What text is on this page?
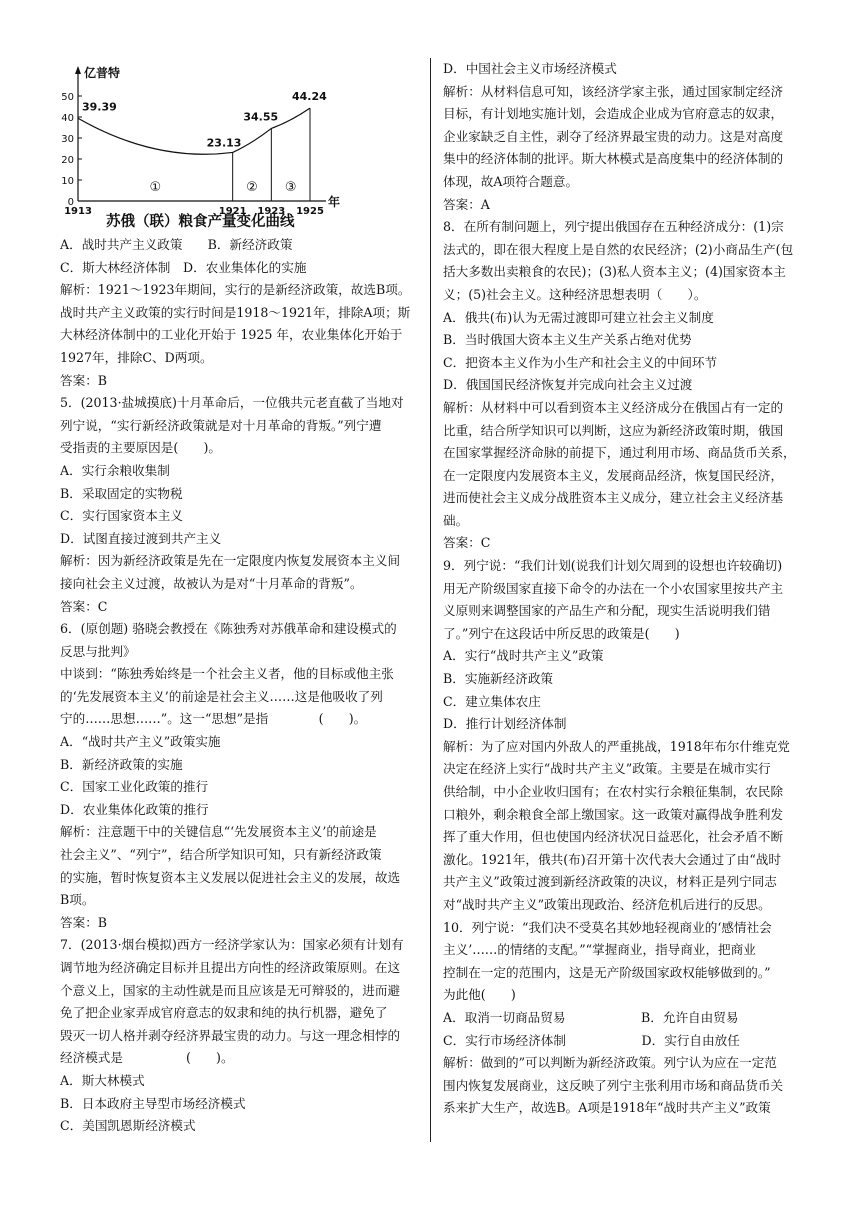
亿普特
年
0
10
20
30
40
50
39.39
23.13
34.55
44.24
1913	1921 1923 1925
①	② ③
苏俄（联）粮食产量变化曲线
A．战时共产主义政策　　B．新经济政策
C．斯大林经济体制　D．农业集体化的实施
解析：1921～1923年期间，实行的是新经济政策，故选B项。
战时共产主义政策的实行时间是1918～1921年，排除A项；斯
大林经济体制中的工业化开始于 1925 年，农业集体化开始于
1927年，排除C、D两项。
答案：B
5．(2013·盐城摸底)十月革命后，一位俄共元老直截了当地对
列宁说，“实行新经济政策就是对十月革命的背叛。”列宁遭
受指责的主要原因是(　　)。
A．实行余粮收集制
B．采取固定的实物税
C．实行国家资本主义
D．试图直接过渡到共产主义
解析：因为新经济政策是先在一定限度内恢复发展资本主义间
接向社会主义过渡，故被认为是对“十月革命的背叛”。
答案：C
6．(原创题) 骆晓会教授在《陈独秀对苏俄革命和建设模式的
反思与批判》
中谈到：“陈独秀始终是一个社会主义者，他的目标或他主张
的‘先发展资本主义’的前途是社会主义……这是他吸收了列
宁的……思想……”。这一“思想”是指　　　　(　　)。
A．“战时共产主义”政策实施
B．新经济政策的实施
C．国家工业化政策的推行
D．农业集体化政策的推行
解析：注意题干中的关键信息“‘先发展资本主义’的前途是
社会主义”、“列宁”，结合所学知识可知，只有新经济政策
的实施，暂时恢复资本主义发展以促进社会主义的发展，故选
B项。
答案：B
7．(2013·烟台模拟)西方一经济学家认为：国家必须有计划有
调节地为经济确定目标并且提出方向性的经济政策原则。在这
个意义上，国家的主动性就是而且应该是无可辩驳的，进而避
免了把企业家弄成官府意志的奴隶和纯的执行机器，避免了
毁灭一切人格并剥夺经济界最宝贵的动力。与这一理念相悖的
经济模式是　　　　　(　　)。
A．斯大林模式
B．日本政府主导型市场经济模式
C．美国凯恩斯经济模式
D．中国社会主义市场经济模式
解析：从材料信息可知，该经济学家主张，通过国家制定经济
目标，有计划地实施计划，会造成企业成为官府意志的奴隶，
企业家缺乏自主性，剥夺了经济界最宝贵的动力。这是对高度
集中的经济体制的批评。斯大林模式是高度集中的经济体制的
体现，故A项符合题意。
答案：A
8．在所有制问题上，列宁提出俄国存在五种经济成分：(1)宗
法式的，即在很大程度上是自然的农民经济；(2)小商品生产(包
括大多数出卖粮食的农民)；(3)私人资本主义；(4)国家资本主
义；(5)社会主义。这种经济思想表明（　　）。
A．俄共(布)认为无需过渡即可建立社会主义制度
B．当时俄国大资本主义生产关系占绝对优势
C．把资本主义作为小生产和社会主义的中间环节
D．俄国国民经济恢复并完成向社会主义过渡
解析：从材料中可以看到资本主义经济成分在俄国占有一定的
比重，结合所学知识可以判断，这应为新经济政策时期，俄国
在国家掌握经济命脉的前提下，通过利用市场、商品货币关系，
在一定限度内发展资本主义，发展商品经济，恢复国民经济，
进而使社会主义成分战胜资本主义成分，建立社会主义经济基
础。
答案：C
9．列宁说：“我们计划(说我们计划欠周到的设想也许较确切)
用无产阶级国家直接下命令的办法在一个小农国家里按共产主
义原则来调整国家的产品生产和分配，现实生活说明我们错
了。”列宁在这段话中所反思的政策是(　　)
A．实行“战时共产主义”政策
B．实施新经济政策
C．建立集体农庄
D．推行计划经济体制
解析：为了应对国内外敌人的严重挑战，1918年布尔什维克党
决定在经济上实行“战时共产主义”政策。主要是在城市实行
供给制，中小企业收归国有；在农村实行余粮征集制，农民除
口粮外，剩余粮食全部上缴国家。这一政策对赢得战争胜利发
挥了重大作用，但也使国内经济状况日益恶化，社会矛盾不断
激化。1921年，俄共(布)召开第十次代表大会通过了由“战时
共产主义”政策过渡到新经济政策的决议，材料正是列宁同志
对“战时共产主义”政策出现政治、经济危机后进行的反思。
10．列宁说：“我们决不受莫名其妙地轻视商业的‘感情社会
主义’……的情绪的支配。”“掌握商业，指导商业，把商业
控制在一定的范围内，这是无产阶级国家政权能够做到的。”
为此他(　　)
A．取消一切商品贸易　　　　　　B．允许自由贸易
C．实行市场经济体制　　　　　　D．实行自由放任
解析：做到的”可以判断为新经济政策。列宁认为应在一定范
围内恢复发展商业，这反映了列宁主张利用市场和商品货币关
系来扩大生产，故选B。A项是1918年“战时共产主义”政策
